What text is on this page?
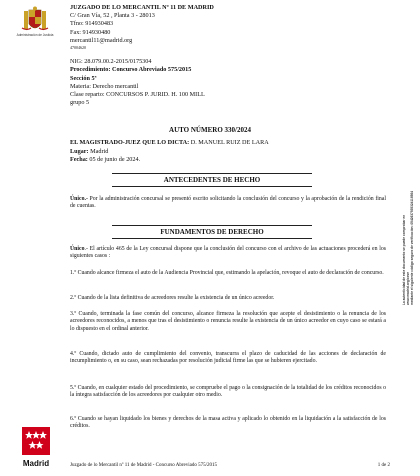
Administración de Justicia
JUZGADO DE LO MERCANTIL Nº 11 DE MADRID
C/ Gran Vía, 52 , Planta 3 - 28013
Tfno: 914930483
Fax: 914930480
mercantil11@madrid.org
47004620
NIG: 28.079.00.2-2015/0175304
Procedimiento: Concurso Abreviado 575/2015
Sección 5ª
Materia: Derecho mercantil
Clase reparto: CONCURSOS P. JURID. H. 100 MILL
grupo 5
AUTO NÚMERO 330/2024
EL MAGISTRADO-JUEZ QUE LO DICTA: D. MANUEL RUIZ DE LARA
Lugar: Madrid
Fecha: 05 de junio de 2024.
ANTECEDENTES DE HECHO
Único.- Por la administración concursal se presentó escrito solicitando la conclusión del concurso y la aprobación de la rendición final de cuentas.
FUNDAMENTOS DE DERECHO
Único.- El artículo 465 de la Ley concursal dispone que la conclusión del concurso con el archivo de las actuaciones procederá en los siguientes casos :
1.º Cuando alcance firmeza el auto de la Audiencia Provincial que, estimando la apelación, revoque el auto de declaración de concurso.
2.º Cuando de la lista definitiva de acreedores resulte la existencia de un único acreedor.
3.º Cuando, terminada la fase común del concurso, alcance firmeza la resolución que acepte el desistimiento o la renuncia de los acreedores reconocidos, a menos que tras el desistimiento o renuncia resulte la existencia de un único acreedor en cuyo caso se estará a lo dispuesto en el ordinal anterior.
4.º Cuando, dictado auto de cumplimiento del convenio, transcurra el plazo de caducidad de las acciones de declaración de incumplimiento o, en su caso, sean rechazadas por resolución judicial firme las que se hubieren ejercitado.
5.º Cuando, en cualquier estado del procedimiento, se compruebe el pago o la consignación de la totalidad de los créditos reconocidos o la íntegra satisfacción de los acreedores por cualquier otro medio.
6.º Cuando se hayan liquidado los bienes y derechos de la masa activa y aplicado lo obtenido en la liquidación a la satisfacción de los créditos.
La autenticidad de este documento se puede comprobar en www.madrid.org/cove mediante el siguiente código seguro de verificación: 0942637935324116564
Madrid	Juzgado de lo Mercantil nº 11 de Madrid - Concurso Abreviado 575/2015	1 de 2
